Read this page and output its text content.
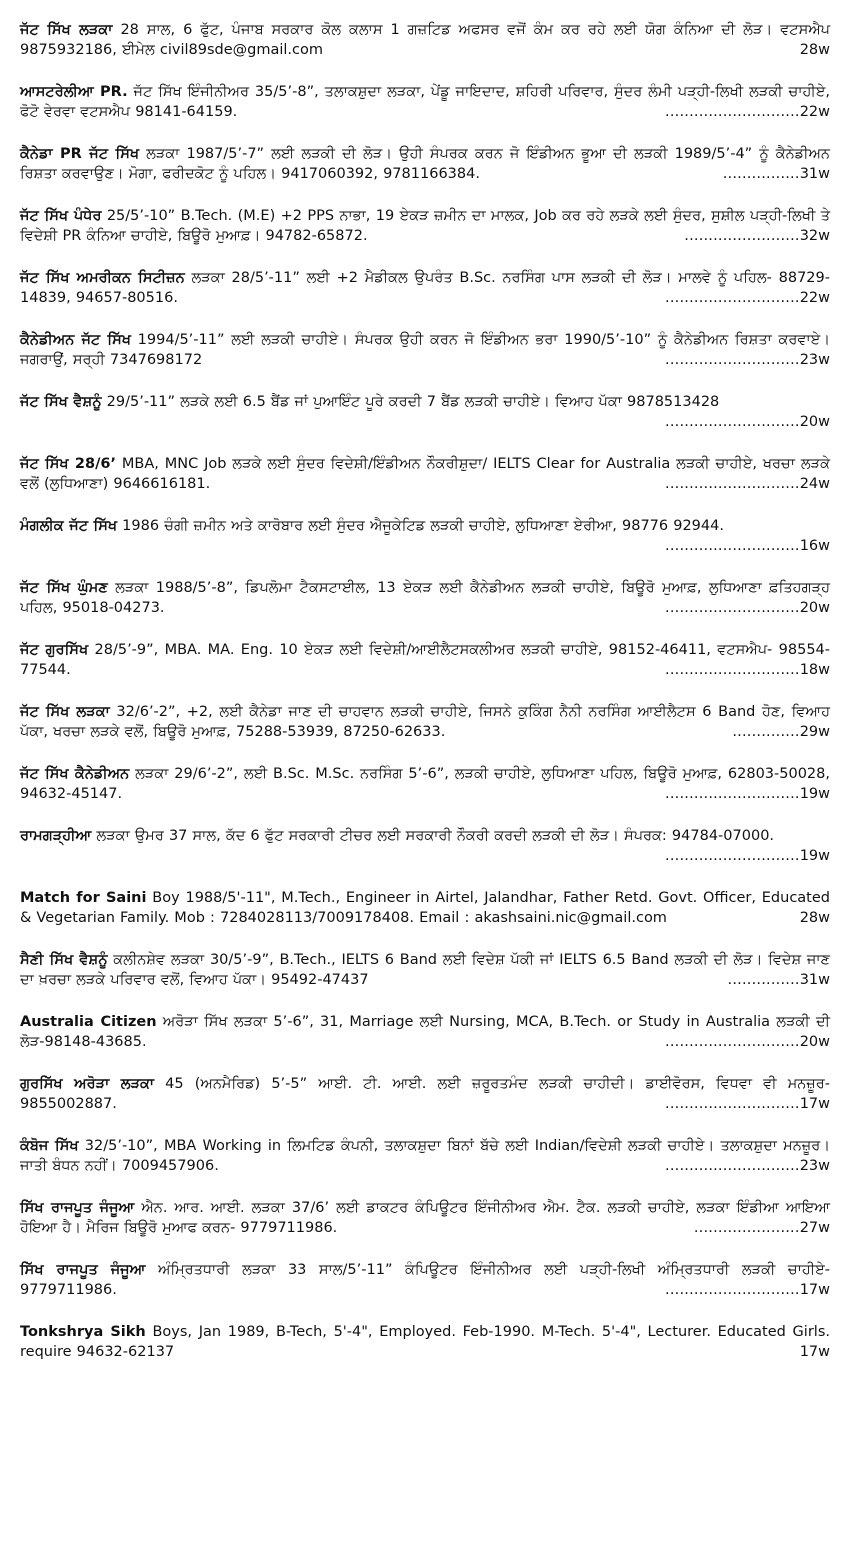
ਜੱਟ ਸਿੱਖ ਲੜਕਾ 28 ਸਾਲ, 6 ਫੁੱਟ, ਪੰਜਾਬ ਸਰਕਾਰ ਕੋਲ ਕਲਾਸ 1 ਗਜ਼ਟਿਡ ਅਫਸਰ ਵਜੋਂ ਕੰਮ ਕਰ ਰਹੇ ਲਈ ਯੋਗ ਕੰਨਿਆ ਦੀ ਲੋੜ। ਵਟਸਐਪ 9875932186, ਈਮੇਲ civil89sde@gmail.com	28w
ਆਸਟਰੇਲੀਆ PR. ਜੱਟ ਸਿੱਖ ਇੰਜੀਨੀਅਰ 35/5’-8”, ਤਲਾਕਸ਼ੁਦਾ ਲੜਕਾ, ਪੇਂਡੂ ਜਾਇਦਾਦ, ਸ਼ਹਿਰੀ ਪਰਿਵਾਰ, ਸੁੰਦਰ ਲੰਮੀ ਪੜ੍ਹੀ-ਲਿਖੀ ਲੜਕੀ ਚਾਹੀਏ, ਫੋਟੋ ਵੇਰਵਾ ਵਟਸਐਪ 98141-64159.	............................22w
ਕੈਨੇਡਾ PR ਜੱਟ ਸਿੱਖ ਲੜਕਾ 1987/5’-7” ਲਈ ਲੜਕੀ ਦੀ ਲੋੜ। ਉਹੀ ਸੰਪਰਕ ਕਰਨ ਜੋ ਇੰਡੀਅਨ ਭੂਆ ਦੀ ਲੜਕੀ 1989/5’-4” ਨੂੰ ਕੈਨੇਡੀਅਨ ਰਿਸ਼ਤਾ ਕਰਵਾਉਣ। ਮੋਗਾ, ਫਰੀਦਕੋਟ ਨੂੰ ਪਹਿਲ। 9417060392, 9781166384.	................31w
ਜੱਟ ਸਿੱਖ ਪੰਧੇਰ 25/5’-10” B.Tech. (M.E) +2 PPS ਨਾਭਾ, 19 ਏਕੜ ਜ਼ਮੀਨ ਦਾ ਮਾਲਕ, Job ਕਰ ਰਹੇ ਲੜਕੇ ਲਈ ਸੁੰਦਰ, ਸੁਸ਼ੀਲ ਪੜ੍ਹੀ-ਲਿਖੀ ਤੇ ਵਿਦੇਸ਼ੀ PR ਕੰਨਿਆ ਚਾਹੀਏ, ਬਿਊਰੋ ਮੁਆਫ਼। 94782-65872.	........................32w
ਜੱਟ ਸਿੱਖ ਅਮਰੀਕਨ ਸਿਟੀਜ਼ਨ ਲੜਕਾ 28/5’-11” ਲਈ +2 ਮੈਡੀਕਲ ਉਪਰੰਤ B.Sc. ਨਰਸਿੰਗ ਪਾਸ ਲੜਕੀ ਦੀ ਲੋੜ। ਮਾਲਵੇ ਨੂੰ ਪਹਿਲ- 88729-14839, 94657-80516.	............................22w
ਕੈਨੇਡੀਅਨ ਜੱਟ ਸਿੱਖ 1994/5’-11” ਲਈ ਲੜਕੀ ਚਾਹੀਏ। ਸੰਪਰਕ ਉਹੀ ਕਰਨ ਜੋ ਇੰਡੀਅਨ ਭਰਾ 1990/5’-10” ਨੂੰ ਕੈਨੇਡੀਅਨ ਰਿਸ਼ਤਾ ਕਰਵਾਏ। ਜਗਰਾਉਂ, ਸਰ੍ਹੀ 7347698172	............................23w
ਜੱਟ ਸਿੱਖ ਵੈਸ਼ਨੂੰ 29/5’-11” ਲੜਕੇ ਲਈ 6.5 ਬੈਂਡ ਜਾਂ ਪੁਆਇੰਟ ਪੂਰੇ ਕਰਦੀ 7 ਬੈਂਡ ਲੜਕੀ ਚਾਹੀਏ। ਵਿਆਹ ਪੱਕਾ 9878513428
............................20w
ਜੱਟ ਸਿੱਖ 28/6’ MBA, MNC Job ਲੜਕੇ ਲਈ ਸੁੰਦਰ ਵਿਦੇਸ਼ੀ/ਇੰਡੀਅਨ ਨੌਕਰੀਸ਼ੁਦਾ/ IELTS Clear for Australia ਲੜਕੀ ਚਾਹੀਏ, ਖਰਚਾ ਲੜਕੇ ਵਲੋਂ (ਲੁਧਿਆਣਾ) 9646616181.	............................24w
ਮੰਗਲੀਕ ਜੱਟ ਸਿੱਖ 1986 ਚੰਗੀ ਜ਼ਮੀਨ ਅਤੇ ਕਾਰੋਬਾਰ ਲਈ ਸੁੰਦਰ ਐਜੂਕੇਟਿਡ ਲੜਕੀ ਚਾਹੀਏ, ਲੁਧਿਆਣਾ ਏਰੀਆ, 98776 92944.
............................16w
ਜੱਟ ਸਿੱਖ ਘੁੰਮਣ ਲੜਕਾ 1988/5’-8”, ਡਿਪਲੋਮਾ ਟੈਕਸਟਾਈਲ, 13 ਏਕੜ ਲਈ ਕੈਨੇਡੀਅਨ ਲੜਕੀ ਚਾਹੀਏ, ਬਿਊਰੋ ਮੁਆਫ਼, ਲੁਧਿਆਣਾ ਫ਼ਤਿਹਗੜ੍ਹ ਪਹਿਲ, 95018-04273.	............................20w
ਜੱਟ ਗੁਰਸਿੱਖ 28/5’-9”, MBA. MA. Eng. 10 ਏਕੜ ਲਈ ਵਿਦੇਸ਼ੀ/ਆਈਲੈਟਸਕਲੀਅਰ ਲੜਕੀ ਚਾਹੀਏ, 98152-46411, ਵਟਸਐਪ- 98554-77544.	............................18w
ਜੱਟ ਸਿੱਖ ਲੜਕਾ 32/6’-2”, +2, ਲਈ ਕੈਨੇਡਾ ਜਾਣ ਦੀ ਚਾਹਵਾਨ ਲੜਕੀ ਚਾਹੀਏ, ਜਿਸਨੇ ਕੁਕਿੰਗ ਨੈਨੀ ਨਰਸਿੰਗ ਆਈਲੈਟਸ 6 Band ਹੋਣ, ਵਿਆਹ ਪੱਕਾ, ਖਰਚਾ ਲੜਕੇ ਵਲੋਂ, ਬਿਊਰੋ ਮੁਆਫ਼, 75288-53939, 87250-62633.	..............29w
ਜੱਟ ਸਿੱਖ ਕੈਨੇਡੀਅਨ ਲੜਕਾ 29/6’-2”, ਲਈ B.Sc. M.Sc. ਨਰਸਿੰਗ 5’-6”, ਲੜਕੀ ਚਾਹੀਏ, ਲੁਧਿਆਣਾ ਪਹਿਲ, ਬਿਊਰੋ ਮੁਆਫ਼, 62803-50028, 94632-45147.	............................19w
ਰਾਮਗੜ੍ਹੀਆ ਲੜਕਾ ਉਮਰ 37 ਸਾਲ, ਕੱਦ 6 ਫੁੱਟ ਸਰਕਾਰੀ ਟੀਚਰ ਲਈ ਸਰਕਾਰੀ ਨੌਕਰੀ ਕਰਦੀ ਲੜਕੀ ਦੀ ਲੋੜ। ਸੰਪਰਕ: 94784-07000.
............................19w
Match for Saini Boy 1988/5'-11", M.Tech., Engineer in Airtel, Jalandhar, Father Retd. Govt. Officer, Educated & Vegetarian Family. Mob : 7284028113/7009178408. Email : akashsaini.nic@gmail.com	28w
ਸੈਣੀ ਸਿੱਖ ਵੈਸ਼ਨੂੰ ਕਲੀਨਸ਼ੇਵ ਲੜਕਾ 30/5’-9”, B.Tech., IELTS 6 Band ਲਈ ਵਿਦੇਸ਼ ਪੱਕੀ ਜਾਂ IELTS 6.5 Band ਲੜਕੀ ਦੀ ਲੋੜ। ਵਿਦੇਸ਼ ਜਾਣ ਦਾ ਖ਼ਰਚਾ ਲੜਕੇ ਪਰਿਵਾਰ ਵਲੋਂ, ਵਿਆਹ ਪੱਕਾ। 95492-47437	...............31w
Australia Citizen ਅਰੋੜਾ ਸਿੱਖ ਲੜਕਾ 5’-6”, 31, Marriage ਲਈ Nursing, MCA, B.Tech. or Study in Australia ਲੜਕੀ ਦੀ ਲੋੜ-98148-43685.	............................20w
ਗੁਰਸਿੱਖ ਅਰੋੜਾ ਲੜਕਾ 45 (ਅਨਮੈਰਿਡ) 5’-5” ਆਈ. ਟੀ. ਆਈ. ਲਈ ਜ਼ਰੂਰਤਮੰਦ ਲੜਕੀ ਚਾਹੀਦੀ। ਡਾਈਵੋਰਸ, ਵਿਧਵਾ ਵੀ ਮਨਜ਼ੂਰ- 9855002887.	............................17w
ਕੰਬੋਜ ਸਿੱਖ 32/5’-10”, MBA Working in ਲਿਮਟਿਡ ਕੰਪਨੀ, ਤਲਾਕਸ਼ੁਦਾ ਬਿਨਾਂ ਬੱਚੇ ਲਈ Indian/ਵਿਦੇਸ਼ੀ ਲੜਕੀ ਚਾਹੀਏ। ਤਲਾਕਸ਼ੁਦਾ ਮਨਜ਼ੂਰ। ਜਾਤੀ ਬੰਧਨ ਨਹੀਂ। 7009457906.	............................23w
ਸਿੱਖ ਰਾਜਪੂਤ ਜੰਜੂਆ ਐਨ. ਆਰ. ਆਈ. ਲੜਕਾ 37/6’ ਲਈ ਡਾਕਟਰ ਕੰਪਿਊਟਰ ਇੰਜੀਨੀਅਰ ਐਮ. ਟੈਕ. ਲੜਕੀ ਚਾਹੀਏ, ਲੜਕਾ ਇੰਡੀਆ ਆਇਆ ਹੋਇਆ ਹੈ। ਮੈਰਿਜ ਬਿਊਰੋ ਮੁਆਫ ਕਰਨ- 9779711986.	......................27w
ਸਿੱਖ ਰਾਜਪੂਤ ਜੰਜੂਆ ਅੰਮ੍ਰਿਤਧਾਰੀ ਲੜਕਾ 33 ਸਾਲ/5’-11” ਕੰਪਿਊਟਰ ਇੰਜੀਨੀਅਰ ਲਈ ਪੜ੍ਹੀ-ਲਿਖੀ ਅੰਮ੍ਰਿਤਧਾਰੀ ਲੜਕੀ ਚਾਹੀਏ- 9779711986.	............................17w
Tonkshrya Sikh Boys, Jan 1989, B-Tech, 5'-4", Employed. Feb-1990. M-Tech. 5'-4", Lecturer. Educated Girls. require 94632-62137	17w
